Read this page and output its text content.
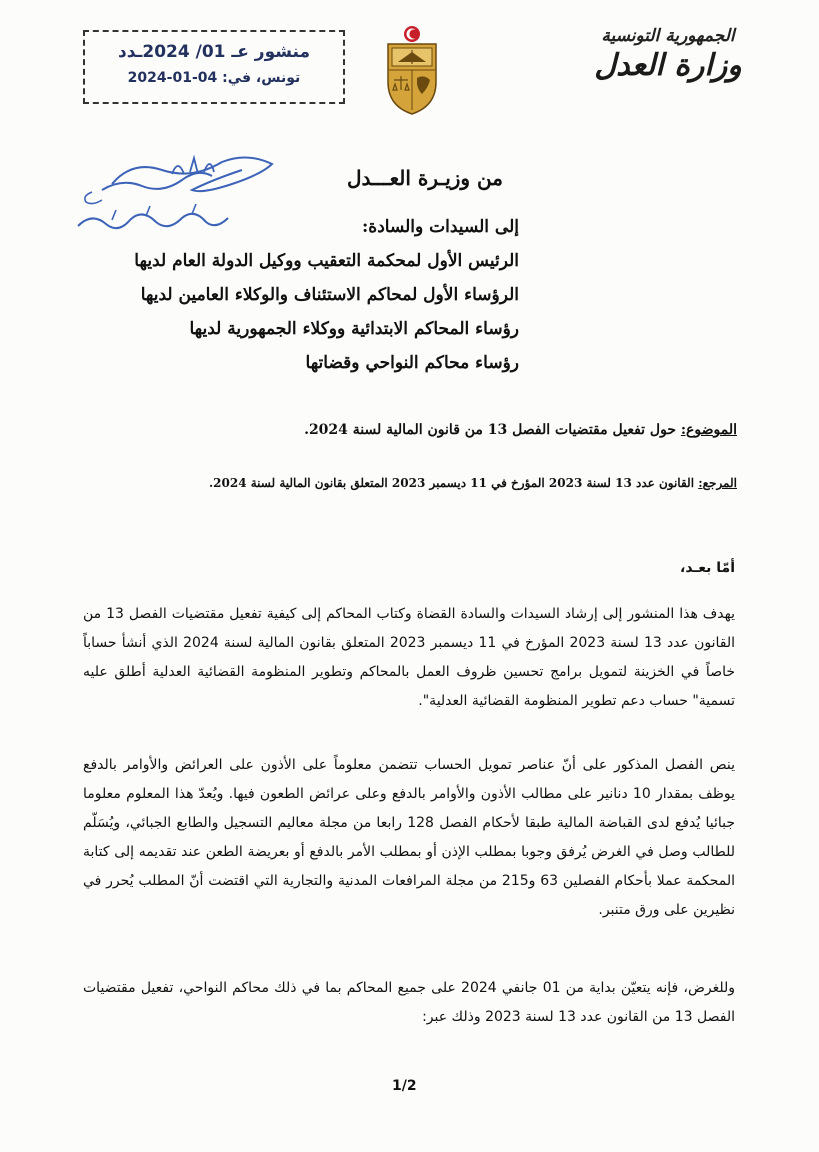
الجمهورية التونسية
وزارة العدل
منشور عـ 01/ 2024ـدد
تونس، في: 04-01-2024
من وزيـرة العـــدل
إلى السيدات والسادة:
الرئيس الأول لمحكمة التعقيب ووكيل الدولة العام لديها
الرؤساء الأول لمحاكم الاستئناف والوكلاء العامين لديها
رؤساء المحاكم الابتدائية ووكلاء الجمهورية لديها
رؤساء محاكم النواحي وقضاتها
الموضوع: حول تفعيل مقتضيات الفصل 13 من قانون المالية لسنة 2024.
المرجع: القانون عدد 13 لسنة 2023 المؤرخ في 11 ديسمبر 2023 المتعلق بقانون المالية لسنة 2024.
أمّا بعـد،
يهدف هذا المنشور إلى إرشاد السيدات والسادة القضاة وكتاب المحاكم إلى كيفية تفعيل مقتضيات الفصل 13 من القانون عدد 13 لسنة 2023 المؤرخ في 11 ديسمبر 2023 المتعلق بقانون المالية لسنة 2024 الذي أنشأ حساباً خاصاً في الخزينة لتمويل برامج تحسين ظروف العمل بالمحاكم وتطوير المنظومة القضائية العدلية أطلق عليه تسمية" حساب دعم تطوير المنظومة القضائية العدلية".
ينص الفصل المذكور على أنّ عناصر تمويل الحساب تتضمن معلوماً على الأذون على العرائض والأوامر بالدفع يوظف بمقدار 10 دنانير على مطالب الأذون والأوامر بالدفع وعلى عرائض الطعون فيها. ويُعدّ هذا المعلوم معلوما جبائيا يُدفع لدى القباضة المالية طبقا لأحكام الفصل 128 رابعا من مجلة معاليم التسجيل والطابع الجبائي، ويُسَلّم للطالب وصل في الغرض يُرفق وجوبا بمطلب الإذن أو بمطلب الأمر بالدفع أو بعريضة الطعن عند تقديمه إلى كتابة المحكمة عملا بأحكام الفصلين 63 و215 من مجلة المرافعات المدنية والتجارية التي اقتضت أنّ المطلب يُحرر في نظيرين على ورق متنبر.
وللغرض، فإنه يتعيّن بداية من 01 جانفي 2024 على جميع المحاكم بما في ذلك محاكم النواحي، تفعيل مقتضيات الفصل 13 من القانون عدد 13 لسنة 2023 وذلك عبر:
1/2
